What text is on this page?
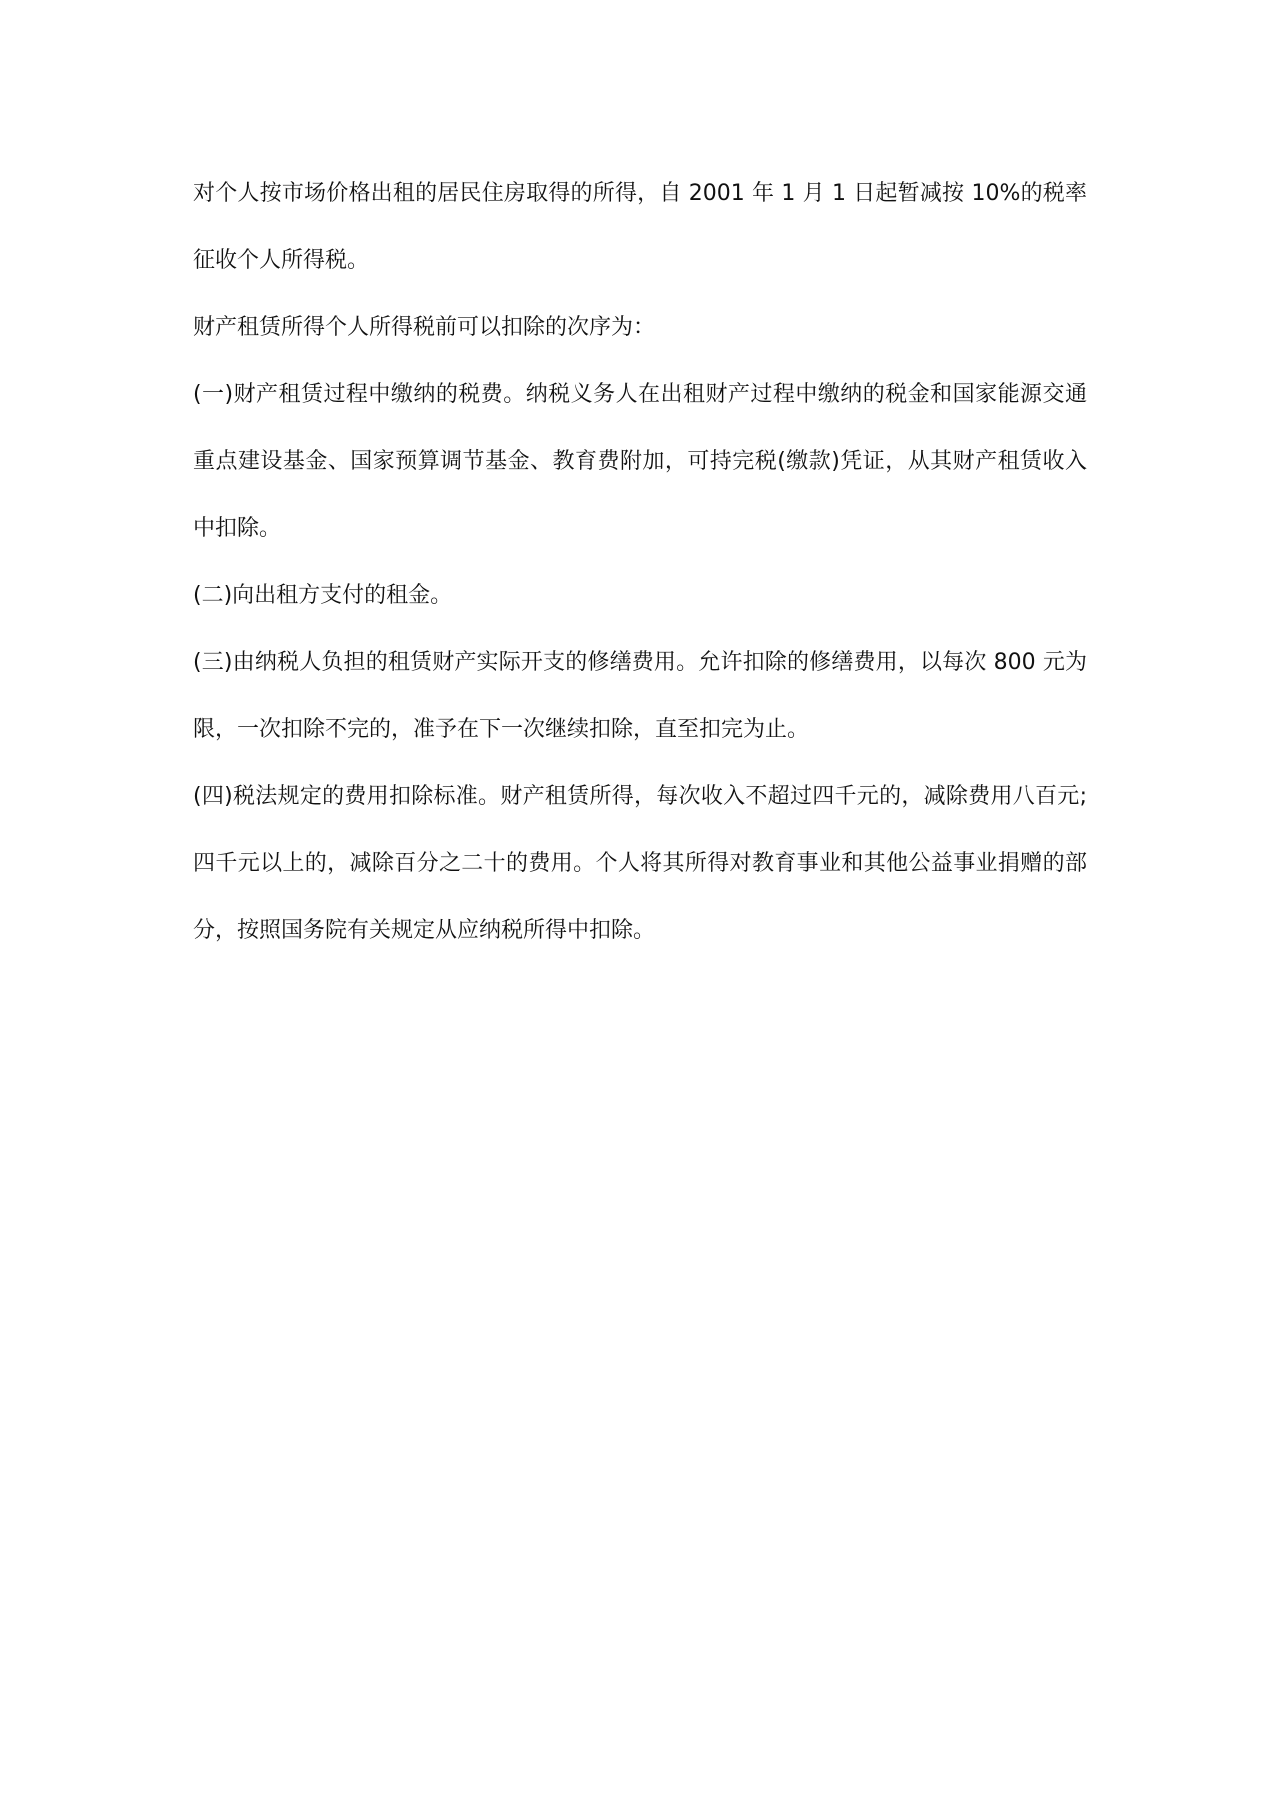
对个人按市场价格出租的居民住房取得的所得，自 2001 年 1 月 1 日起暂减按 10%的税率征收个人所得税。

财产租赁所得个人所得税前可以扣除的次序为：

(一)财产租赁过程中缴纳的税费。纳税义务人在出租财产过程中缴纳的税金和国家能源交通重点建设基金、国家预算调节基金、教育费附加，可持完税(缴款)凭证，从其财产租赁收入中扣除。

(二)向出租方支付的租金。

(三)由纳税人负担的租赁财产实际开支的修缮费用。允许扣除的修缮费用，以每次 800 元为限，一次扣除不完的，准予在下一次继续扣除，直至扣完为止。

(四)税法规定的费用扣除标准。财产租赁所得，每次收入不超过四千元的，减除费用八百元;四千元以上的，减除百分之二十的费用。个人将其所得对教育事业和其他公益事业捐赠的部分，按照国务院有关规定从应纳税所得中扣除。
